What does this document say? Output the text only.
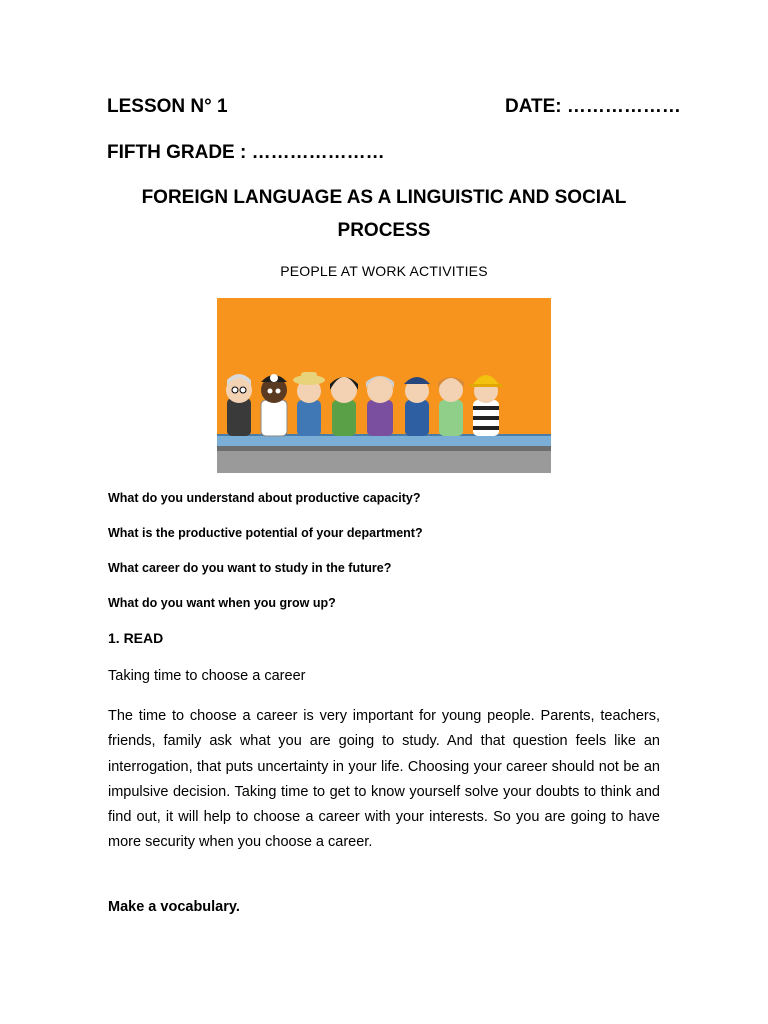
LESSON N° 1	DATE: ………………
FIFTH GRADE : …………………
FOREIGN LANGUAGE AS A LINGUISTIC AND SOCIAL
PROCESS
PEOPLE AT WORK ACTIVITIES
What do you understand about productive capacity?
What is the productive potential of your department?
What career do you want to study in the future?
What do you want when you grow up?
1. READ
Taking time to choose a career

The time to choose a career is very important for young people. Parents, teachers, friends, family ask what you are going to study. And that question feels like an interrogation, that puts uncertainty in your life. Choosing your career should not be an impulsive decision. Taking time to get to know yourself solve your doubts to think and find out, it will help to choose a career with your interests. So you are going to have more security when you choose a career.

Make a vocabulary.
